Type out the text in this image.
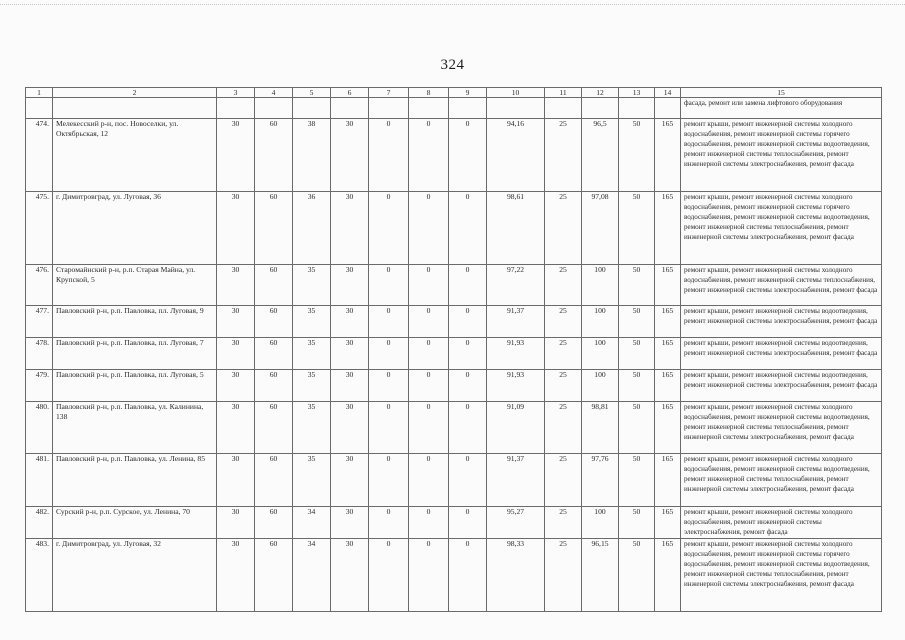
324
1	2	3	4	5	6	7	8	9	10	11	12	13	14	15
														фасада, ремонт или замена лифтового оборудования
474.	Мелекесский р-н, пос. Новоселки, ул. Октябрьская, 12	30	60	38	30	0	0	0	94,16	25	96,5	50	165	ремонт крыши, ремонт инженерной системы холодного водоснабжения, ремонт инженерной системы горячего водоснабжения, ремонт инженерной системы водоотведения, ремонт инженерной системы теплоснабжения, ремонт инженерной системы электроснабжения, ремонт фасада
475.	г. Димитровград, ул. Луговая, 36	30	60	36	30	0	0	0	98,61	25	97,08	50	165	ремонт крыши, ремонт инженерной системы холодного водоснабжения, ремонт инженерной системы горячего водоснабжения, ремонт инженерной системы водоотведения, ремонт инженерной системы теплоснабжения, ремонт инженерной системы электроснабжения, ремонт фасада
476.	Старомайнский р-н, р.п. Старая Майна, ул. Крупской, 5	30	60	35	30	0	0	0	97,22	25	100	50	165	ремонт крыши, ремонт инженерной системы холодного водоснабжения, ремонт инженерной системы теплоснабжения, ремонт инженерной системы электроснабжения, ремонт фасада
477.	Павловский р-н, р.п. Павловка, пл. Луговая, 9	30	60	35	30	0	0	0	91,37	25	100	50	165	ремонт крыши, ремонт инженерной системы водоотведения, ремонт инженерной системы электроснабжения, ремонт фасада
478.	Павловский р-н, р.п. Павловка, пл. Луговая, 7	30	60	35	30	0	0	0	91,93	25	100	50	165	ремонт крыши, ремонт инженерной системы водоотведения, ремонт инженерной системы электроснабжения, ремонт фасада
479.	Павловский р-н, р.п. Павловка, пл. Луговая, 5	30	60	35	30	0	0	0	91,93	25	100	50	165	ремонт крыши, ремонт инженерной системы водоотведения, ремонт инженерной системы электроснабжения, ремонт фасада
480.	Павловский р-н, р.п. Павловка, ул. Калинина, 138	30	60	35	30	0	0	0	91,09	25	98,81	50	165	ремонт крыши, ремонт инженерной системы холодного водоснабжения, ремонт инженерной системы водоотведения, ремонт инженерной системы теплоснабжения, ремонт инженерной системы электроснабжения, ремонт фасада
481.	Павловский р-н, р.п. Павловка, ул. Ленина, 85	30	60	35	30	0	0	0	91,37	25	97,76	50	165	ремонт крыши, ремонт инженерной системы холодного водоснабжения, ремонт инженерной системы водоотведения, ремонт инженерной системы теплоснабжения, ремонт инженерной системы электроснабжения, ремонт фасада
482.	Сурский р-н, р.п. Сурское, ул. Ленина, 70	30	60	34	30	0	0	0	95,27	25	100	50	165	ремонт крыши, ремонт инженерной системы холодного водоснабжения, ремонт инженерной системы электроснабжения, ремонт фасада
483.	г. Димитровград, ул. Луговая, 32	30	60	34	30	0	0	0	98,33	25	96,15	50	165	ремонт крыши, ремонт инженерной системы холодного водоснабжения, ремонт инженерной системы горячего водоснабжения, ремонт инженерной системы водоотведения, ремонт инженерной системы теплоснабжения, ремонт инженерной системы электроснабжения, ремонт фасада
